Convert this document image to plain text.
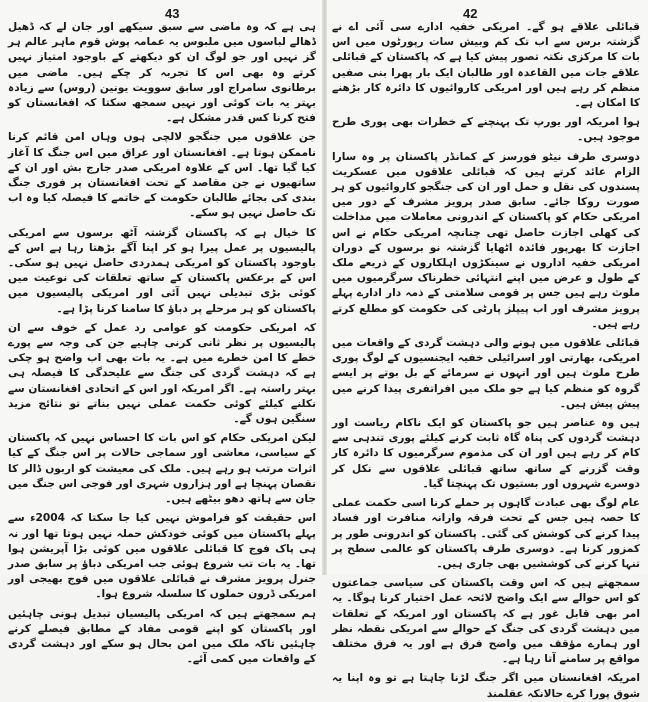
43	42

قبائلی علاقے ہو گے۔ امریکی خفیہ ادارے سی آئی اے نے گزشتہ برس سے اب تک کم وبیش سات رپورٹوں میں اس بات کا مرکزی نکتہ تصور پیش کیا ہے کہ پاکستان کے قبائلی علاقے جات میں القاعدہ اور طالبان ایک بار پھرا بنی صفیں منظم کر رہے ہیں اور امریکی کاروائیوں کا دائرہ کار بڑھنے کا امکان ہے۔

ہوا امریکہ اور یورپ تک پہنچنے کے خطرات بھی پوری طرح موجود ہیں۔

دوسری طرف نیٹو فورسز کے کمانڈر پاکستان پر وہ سارا الزام عائد کرتے ہیں کہ قبائلی علاقوں میں عسکریت پسندوں کی نقل و حمل اور ان کی جنگجو کاروائیوں کو ہر صورت روکا جائے۔ سابق صدر پرویز مشرف کے دور میں امریکی حکام کو پاکستان کے اندرونی معاملات میں مداخلت کی کھلی اجازت حاصل تھی چنانچہ امریکی حکام نے اس اجازت کا بھرپور فائدہ اٹھایا گزشتہ نو برسوں کے دوران امریکی خفیہ اداروں نے سینکڑوں اہلکاروں کے ذریعے ملک کے طول و عرض میں اپنے انتہائی خطرناک سرگرمیوں میں ملوث رہے ہیں جس پر قومی سلامتی کے ذمہ دار ادارے پہلے پرویز مشرف اور اب پیپلز پارٹی کی حکومت کو مطلع کرتے رہے ہیں۔

قبائلی علاقوں میں ہونے والی دہشت گردی کے واقعات میں امریکی، بھارتی اور اسرائیلی خفیہ ایجنسیوں کے لوگ پوری طرح ملوث ہیں اور انہوں نے سرمائے کے بل بوتے پر ایسے گروہ کو منظم کیا ہے جو ملک میں افراتفری پیدا کرنے میں پیش پیش ہیں۔

ہیں وہ عناصر ہیں جو پاکستان کو ایک ناکام ریاست اور دہشت گردوں کی پناہ گاہ ثابت کرنے کیلئے پوری تندہی سے کام کر رہے ہیں اور ان کی مذموم سرگرمیوں کا دائرہ کار وقت گزرنے کے ساتھ ساتھ قبائلی علاقوں سے نکل کر دوسرے شہروں اور بستیوں تک پہنچتا گیا۔

عام لوگ بھی عبادت گاہوں پر حملے کرنا اسی حکمت عملی کا حصہ ہیں جس کے تحت فرقہ وارانہ منافرت اور فساد پیدا کرنے کی کوشش کی گئی۔ پاکستان کو اندرونی طور پر کمزور کرنا ہے۔ دوسری طرف پاکستان کو عالمی سطح پر تنہا کرنے کی کوششیں بھی جاری ہیں۔

سمجھتے ہیں کہ اس وقت پاکستان کی سیاسی جماعتوں کو اس حوالے سے ایک واضح لائحہ عمل اختیار کرنا ہوگا۔ یہ امر بھی قابل غور ہے کہ پاکستان اور امریکہ کے تعلقات میں دہشت گردی کی جنگ کے حوالے سے امریکی نقطہ نظر اور ہمارے مؤقف میں واضح فرق ہے اور یہ فرق مختلف مواقع پر سامنے آتا رہا ہے۔

امریکہ افغانستان میں اگر جنگ لڑنا چاہتا ہے تو وہ اپنا یہ شوق پورا کرے حالانکہ عقلمند

ہی ہے کہ وہ ماضی سے سبق سیکھے اور جان لے کہ ڈھیل ڈھالے لباسوں میں ملبوس یہ عمامہ پوش قوم ماہر عالم ہر گز نہیں اور جو لوگ ان کو دیکھتے کے باوجود امتیاز نہیں کرتے وہ بھی اس کا تجربہ کر چکے ہیں۔ ماضی میں برطانوی سامراج اور سابق سوویت یونین (روس) سے زیادہ بہتر یہ بات کوئی اور نہیں سمجھ سکتا کہ افغانستان کو فتح کرنا کس قدر مشکل ہے۔

جن علاقوں میں جنگجو لالچی ہوں وہاں امن قائم کرنا ناممکن ہوتا ہے۔ افغانستان اور عراق میں اس جنگ کا آغاز کیا گیا تھا۔ اس کے علاوہ امریکی صدر جارج بش اور ان کے ساتھیوں نے جن مقاصد کے تحت افغانستان پر فوری جنگ بندی کی بجائے طالبان حکومت کے خاتمے کا فیصلہ کیا وہ اب تک حاصل نہیں ہو سکے۔

کا خیال ہے کہ پاکستان گزشتہ آٹھ برسوں سے امریکی پالیسیوں پر عمل پیرا ہو کر اپنا آگے بڑھتا رہا ہے اس کے باوجود پاکستان کو امریکی ہمدردی حاصل نہیں ہو سکی۔ اس کے برعکس پاکستان کے ساتھ تعلقات کی نوعیت میں کوئی بڑی تبدیلی نہیں آئی اور امریکی پالیسیوں میں پاکستان کو ہر مرحلے پر دباؤ کا سامنا کرنا پڑا ہے۔

کہ امریکی حکومت کو عوامی رد عمل کے خوف سے ان پالیسیوں پر نظر ثانی کرنی چاہیے جن کی وجہ سے پورے خطے کا امن خطرے میں ہے۔ یہ بات بھی اب واضح ہو چکی ہے کہ دہشت گردی کی جنگ سے علیحدگی کا فیصلہ ہی بہتر راستہ ہے۔ اگر امریکہ اور اس کے اتحادی افغانستان سے نکلنے کیلئے کوئی حکمت عملی نہیں بناتے تو نتائج مزید سنگین ہوں گے۔

لیکن امریکی حکام کو اس بات کا احساس نہیں کہ پاکستان کے سیاسی، معاشی اور سماجی حالات پر اس جنگ کے کیا اثرات مرتب ہو رہے ہیں۔ ملک کی معیشت کو اربوں ڈالر کا نقصان پہنچا ہے اور ہزاروں شہری اور فوجی اس جنگ میں جان سے ہاتھ دھو بیٹھے ہیں۔

اس حقیقت کو فراموش نہیں کیا جا سکتا کہ 2004ء سے پہلے پاکستان میں کوئی خودکش حملہ نہیں ہوتا تھا اور نہ ہی پاک فوج کا قبائلی علاقوں میں کوئی بڑا آپریشن ہوا تھا۔ یہ بات تب شروع ہوئی جب امریکی دباؤ پر سابق صدر جنرل پرویز مشرف نے قبائلی علاقوں میں فوج بھیجی اور امریکی ڈرون حملوں کا سلسلہ شروع ہوا۔

ہم سمجھتے ہیں کہ امریکی پالیسیاں تبدیل ہونی چاہئیں اور پاکستان کو اپنے قومی مفاد کے مطابق فیصلے کرنے چاہئیں تاکہ ملک میں امن بحال ہو سکے اور دہشت گردی کے واقعات میں کمی آئے۔
